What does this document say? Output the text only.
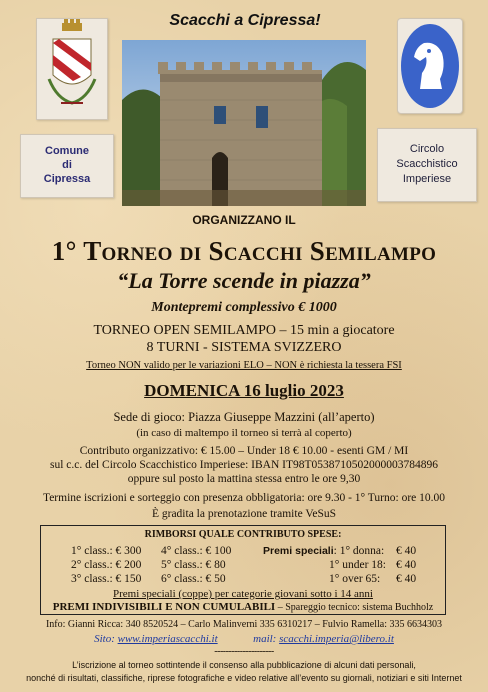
Comune
di
Cipressa
Scacchi a Cipressa!
Circolo
Scacchistico
Imperiese
ORGANIZZANO IL
1° Torneo di Scacchi Semilampo
“La Torre scende in piazza”
Montepremi complessivo € 1000
TORNEO OPEN SEMILAMPO – 15 min a giocatore
8 TURNI - SISTEMA SVIZZERO
Torneo NON valido per le variazioni ELO – NON è richiesta la tessera FSI
DOMENICA 16 luglio 2023
Sede di gioco: Piazza Giuseppe Mazzini (all’aperto)
(in caso di maltempo il torneo si terrà al coperto)
Contributo organizzativo: € 15.00 – Under 18 € 10.00 - esenti GM / MI
sul c.c. del Circolo Scacchistico Imperiese: IBAN IT98T0538710502000003784896
oppure sul posto la mattina stessa entro le ore 9,30
Termine iscrizioni e sorteggio con presenza obbligatoria: ore 9.30 - 1° Turno: ore 10.00
È gradita la prenotazione tramite VeSuS
RIMBORSI QUALE CONTRIBUTO SPESE:
1° class.: € 300
2° class.: € 200
3° class.: € 150
4° class.: € 100
5° class.: € 80
6° class.: € 50
Premi speciali: 1° donna:
1° under 18:
1° over 65:
€ 40
€ 40
€ 40
Premi speciali (coppe) per categorie giovani sotto i 14 anni
PREMI INDIVISIBILI E NON CUMULABILI – Spareggio tecnico: sistema Buchholz
Info: Gianni Ricca: 340 8520524 – Carlo Malinverni 335 6310217 – Fulvio Ramella: 335 6634303
Sito: www.imperiascacchi.it	mail: scacchi.imperia@libero.it
---------------------
L’iscrizione al torneo sottintende il consenso alla pubblicazione di alcuni dati personali,
nonché di risultati, classifiche, riprese fotografiche e video relative all’evento su giornali, notiziari e siti Internet
